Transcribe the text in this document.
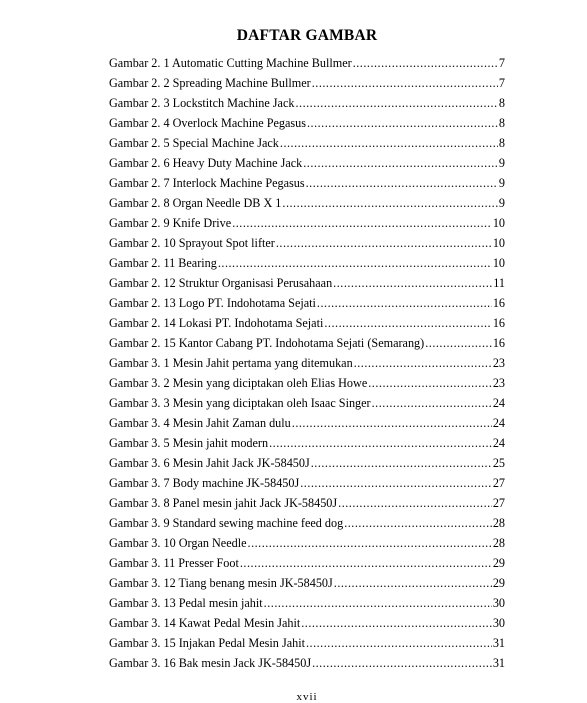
DAFTAR GAMBAR
Gambar 2. 1 Automatic Cutting Machine Bullmer .....	7
Gambar 2. 2 Spreading Machine Bullmer .....	7
Gambar 2. 3 Lockstitch Machine Jack .....	8
Gambar 2. 4 Overlock Machine Pegasus .....	8
Gambar 2. 5 Special Machine Jack .....	8
Gambar 2. 6 Heavy Duty Machine Jack .....	9
Gambar 2. 7 Interlock Machine Pegasus .....	9
Gambar 2. 8 Organ Needle DB X 1 .....	9
Gambar 2. 9 Knife Drive .....	10
Gambar 2. 10 Sprayout Spot lifter .....	10
Gambar 2. 11 Bearing .....	10
Gambar 2. 12 Struktur Organisasi Perusahaan .....	11
Gambar 2. 13 Logo PT. Indohotama Sejati .....	16
Gambar 2. 14 Lokasi PT. Indohotama Sejati .....	16
Gambar 2. 15 Kantor Cabang PT. Indohotama Sejati (Semarang) .....	16
Gambar 3. 1 Mesin Jahit pertama yang ditemukan .....	23
Gambar 3. 2 Mesin yang diciptakan oleh Elias Howe .....	23
Gambar 3. 3 Mesin yang diciptakan oleh Isaac Singer .....	24
Gambar 3. 4 Mesin Jahit Zaman dulu .....	24
Gambar 3. 5 Mesin jahit modern .....	24
Gambar 3. 6 Mesin Jahit Jack JK-58450J .....	25
Gambar 3. 7 Body machine JK-58450J .....	27
Gambar 3. 8 Panel mesin jahit Jack JK-58450J .....	27
Gambar 3. 9 Standard sewing machine feed dog .....	28
Gambar 3. 10 Organ Needle .....	28
Gambar 3. 11 Presser Foot .....	29
Gambar 3. 12 Tiang benang mesin JK-58450J .....	29
Gambar 3. 13 Pedal mesin jahit .....	30
Gambar 3. 14 Kawat Pedal Mesin Jahit .....	30
Gambar 3. 15 Injakan Pedal Mesin Jahit .....	31
Gambar 3. 16 Bak mesin Jack JK-58450J .....	31
xvii
